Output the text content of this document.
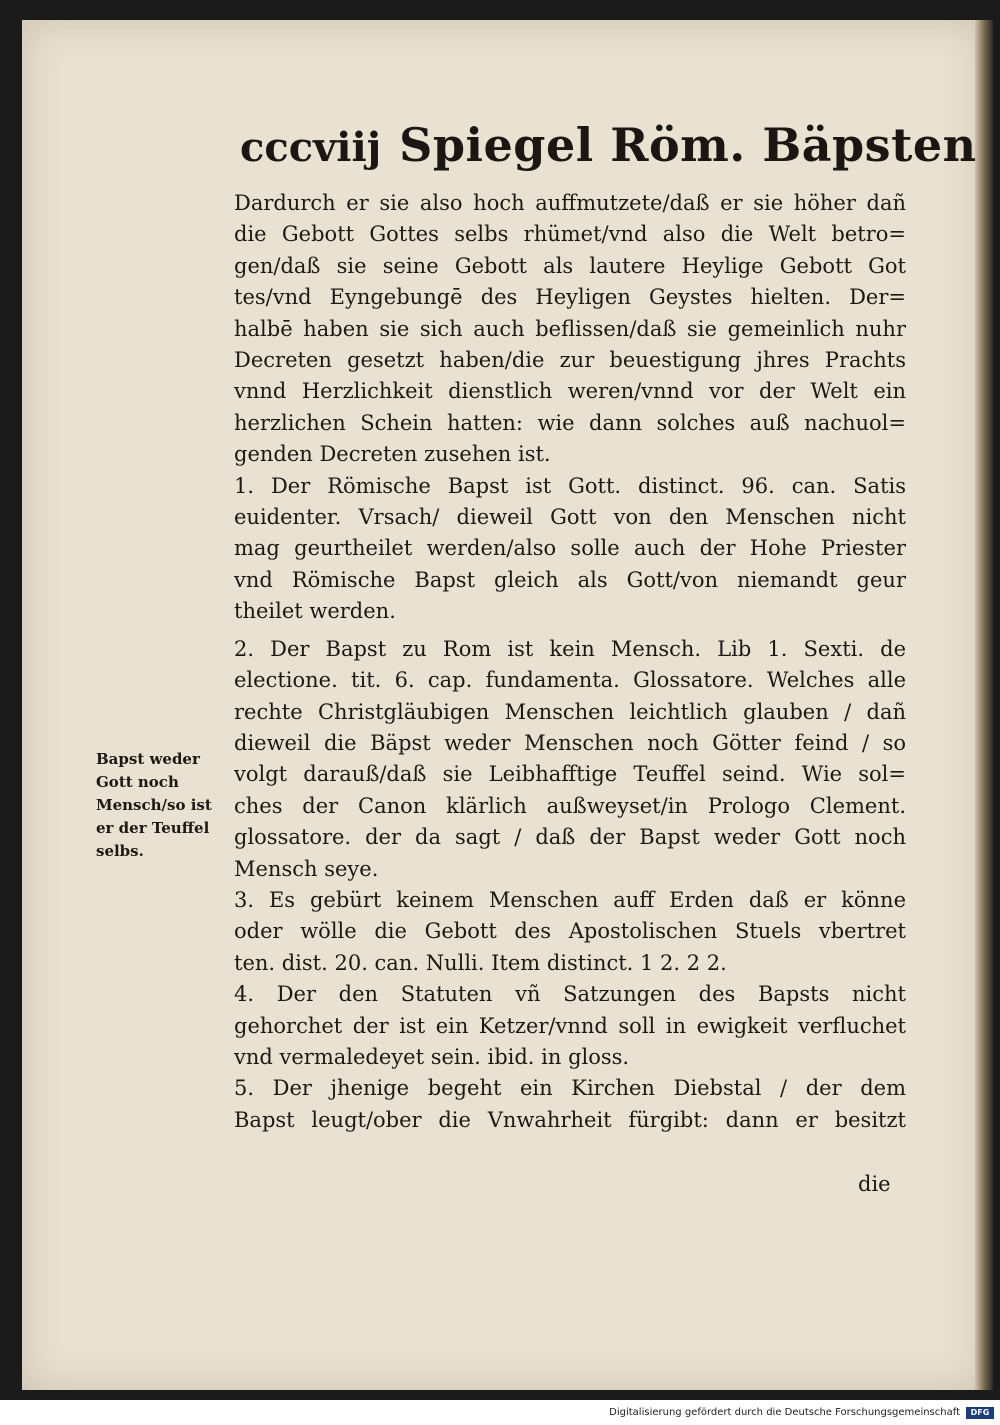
cccviij Spiegel Röm. Bäpsten
Dardurch er sie also hoch auffmutzete/daß er sie höher dañ
die Gebott Gottes selbs rhümet/vnd also die Welt betro=
gen/daß sie seine Gebott als lautere Heylige Gebott Got
tes/vnd Eyngebungē des Heyligen Geystes hielten. Der=
halbē haben sie sich auch beflissen/daß sie gemeinlich nuhr
Decreten gesetzt haben/die zur beuestigung jhres Prachts
vnnd Herzlichkeit dienstlich weren/vnnd vor der Welt ein
herzlichen Schein hatten: wie dann solches auß nachuol=
genden Decreten zusehen ist.
1. Der Römische Bapst ist Gott. distinct. 96. can. Satis
euidenter. Vrsach/ dieweil Gott von den Menschen nicht
mag geurtheilet werden/also solle auch der Hohe Priester
vnd Römische Bapst gleich als Gott/von niemandt geur
theilet werden.
2. Der Bapst zu Rom ist kein Mensch. Lib 1. Sexti. de
electione. tit. 6. cap. fundamenta. Glossatore. Welches alle
rechte Christgläubigen Menschen leichtlich glauben / dañ
dieweil die Bäpst weder Menschen noch Götter feind / so
volgt darauß/daß sie Leibhafftige Teuffel seind. Wie sol=
ches der Canon klärlich außweyset/in Prologo Clement.
glossatore. der da sagt / daß der Bapst weder Gott noch
Mensch seye.
3. Es gebürt keinem Menschen auff Erden daß er könne
oder wölle die Gebott des Apostolischen Stuels vbertret
ten. dist. 20. can. Nulli. Item distinct. 1 2. 2 2.
4. Der den Statuten vñ Satzungen des Bapsts nicht
gehorchet der ist ein Ketzer/vnnd soll in ewigkeit verfluchet
vnd vermaledeyet sein. ibid. in gloss.
5. Der jhenige begeht ein Kirchen Diebstal / der dem
Bapst leugt/ober die Vnwahrheit fürgibt: dann er besitzt
Bapst weder
Gott noch
Mensch/so ist
er der Teuffel
selbs.
die
Digitalisierung gefördert durch die Deutsche Forschungsgemeinschaft	DFG
